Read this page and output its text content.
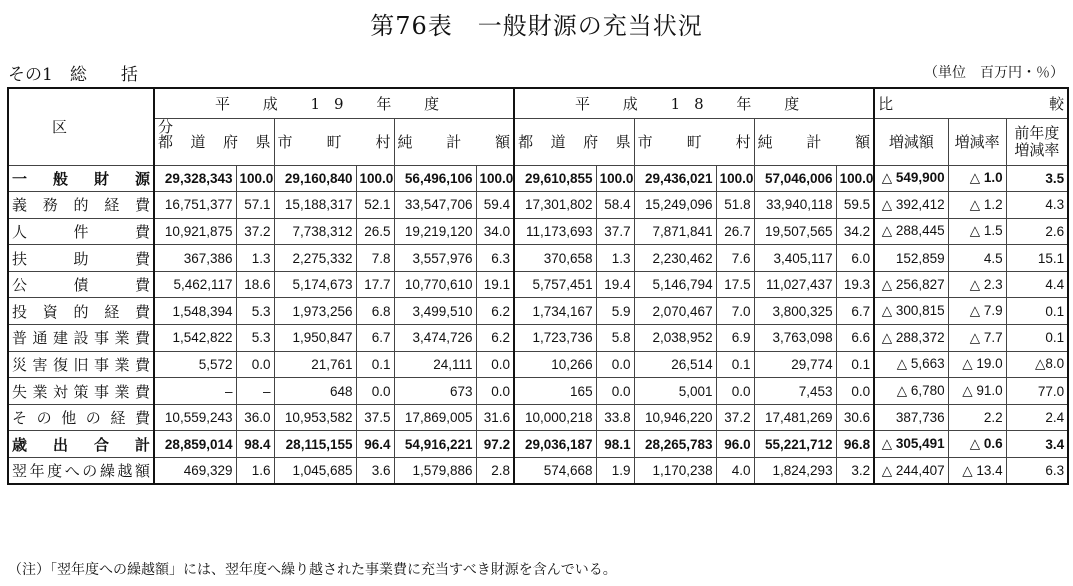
第76表　一般財源の充当状況
その1　総　　括	（単位　百万円・％）
区　分	平 成 19 年 度						平 成 18 年 度						比　較		
	都道府県		市町村		純計額		都道府県		市町村		純計額		増減額	増減率	前年度
増減率

一般財源	29,328,343	100.0	29,160,840	100.0	56,496,106	100.0	29,610,855	100.0	29,436,021	100.0	57,046,006	100.0	△ 549,900	△ 1.0	3.5
義務的経費	16,751,377	57.1	15,188,317	52.1	33,547,706	59.4	17,301,802	58.4	15,249,096	51.8	33,940,118	59.5	△ 392,412	△ 1.2	4.3
人件費	10,921,875	37.2	7,738,312	26.5	19,219,120	34.0	11,173,693	37.7	7,871,841	26.7	19,507,565	34.2	△ 288,445	△ 1.5	2.6
扶助費	367,386	1.3	2,275,332	7.8	3,557,976	6.3	370,658	1.3	2,230,462	7.6	3,405,117	6.0	152,859	4.5	15.1
公債費	5,462,117	18.6	5,174,673	17.7	10,770,610	19.1	5,757,451	19.4	5,146,794	17.5	11,027,437	19.3	△ 256,827	△ 2.3	4.4
投資的経費	1,548,394	5.3	1,973,256	6.8	3,499,510	6.2	1,734,167	5.9	2,070,467	7.0	3,800,325	6.7	△ 300,815	△ 7.9	0.1
普通建設事業費	1,542,822	5.3	1,950,847	6.7	3,474,726	6.2	1,723,736	5.8	2,038,952	6.9	3,763,098	6.6	△ 288,372	△ 7.7	0.1
災害復旧事業費	5,572	0.0	21,761	0.1	24,111	0.0	10,266	0.0	26,514	0.1	29,774	0.1	△ 5,663	△ 19.0	△8.0
失業対策事業費	–	–	648	0.0	673	0.0	165	0.0	5,001	0.0	7,453	0.0	△ 6,780	△ 91.0	77.0
その他の経費	10,559,243	36.0	10,953,582	37.5	17,869,005	31.6	10,000,218	33.8	10,946,220	37.2	17,481,269	30.6	387,736	2.2	2.4
歳出合計	28,859,014	98.4	28,115,155	96.4	54,916,221	97.2	29,036,187	98.1	28,265,783	96.0	55,221,712	96.8	△ 305,491	△ 0.6	3.4
翌年度への繰越額	469,329	1.6	1,045,685	3.6	1,579,886	2.8	574,668	1.9	1,170,238	4.0	1,824,293	3.2	△ 244,407	△ 13.4	6.3
（注）「翌年度への繰越額」には、翌年度へ繰り越された事業費に充当すべき財源を含んでいる。
